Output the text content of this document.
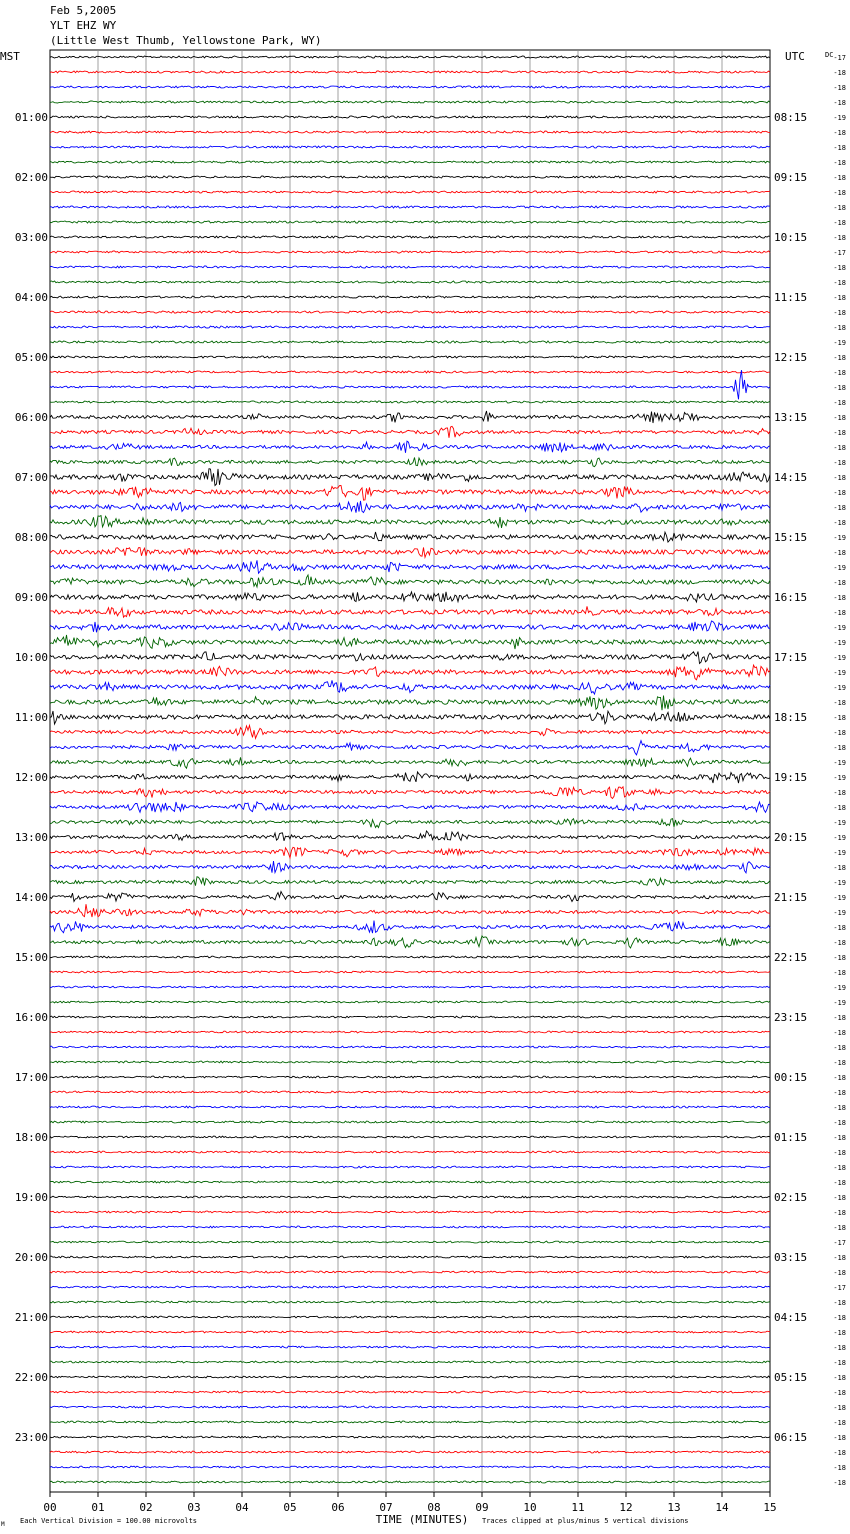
Feb 5,2005
YLT EHZ WY
(Little West Thumb, Yellowstone Park, WY)
MST	UTC	DC
01:00
02:00
03:00
04:00
05:00
06:00
07:00
08:00
09:00
10:00
11:00
12:00
13:00
14:00
15:00
16:00
17:00
18:00
19:00
20:00
21:00
22:00
23:00
08:15
09:15
10:15
11:15
12:15
13:15
14:15
15:15
16:15
17:15
18:15
19:15
20:15
21:15
22:15
23:15
00:15
01:15
02:15
03:15
04:15
05:15
06:15
-17
-18
-18
-18
-19
-18
-18
-18
-18
-18
-18
-18
-18
-17
-18
-18
-18
-18
-18
-19
-18
-18
-18
-18
-18
-18
-18
-18
-18
-18
-18
-18
-19
-18
-19
-18
-18
-18
-19
-19
-19
-19
-19
-18
-18
-18
-18
-19
-19
-18
-18
-19
-19
-19
-18
-19
-19
-19
-18
-18
-18
-18
-19
-19
-18
-18
-18
-18
-18
-18
-18
-18
-18
-18
-18
-18
-18
-18
-18
-17
-18
-18
-17
-18
-18
-18
-18
-18
-18
-18
-18
-18
-18
-18
-18
-18
00	01	02	03	04	05	06	07	08	09	10	11	12	13	14	15
TIME (MINUTES)
Each Vertical Division = 100.00 microvolts	Traces clipped at plus/minus 5 vertical divisions
M
